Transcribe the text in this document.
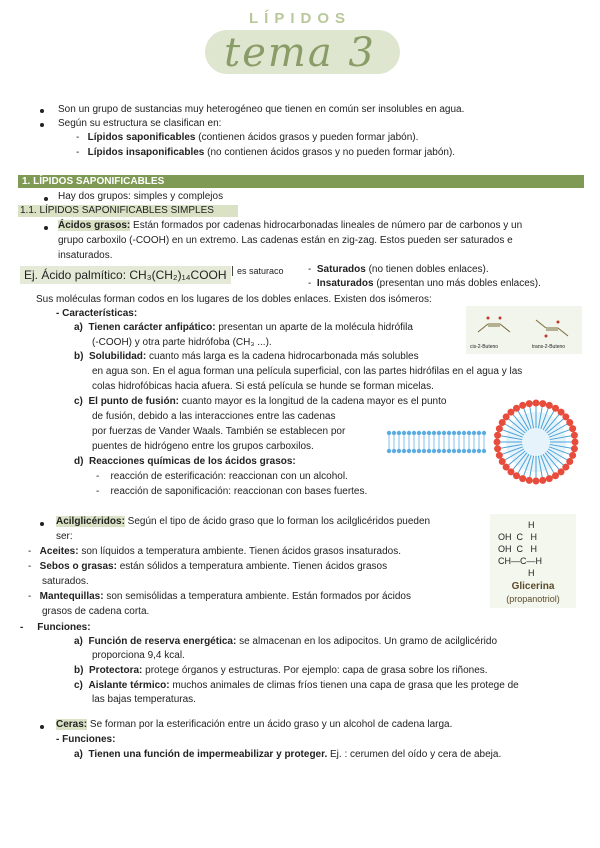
LÍPIDOS
tema 3
Son un grupo de sustancias muy heterogéneo que tienen en común ser insolubles en agua.
Según su estructura se clasifican en:
-   Lípidos saponificables (contienen ácidos grasos y pueden formar jabón).
-   Lípidos insaponificables (no contienen ácidos grasos y no pueden formar jabón).
1. LÍPIDOS SAPONIFICABLES
Hay dos grupos: simples y complejos
1.1. LÍPIDOS SAPONIFICABLES SIMPLES
Ácidos grasos: Están formados por cadenas hidrocarbonadas lineales de número par de carbonos y un
grupo carboxilo (-COOH) en un extremo. Las cadenas están en zig-zag. Estos pueden ser saturados e
insaturados.
Ej. Ácido palmítico: CH₃(CH₂)₁₄COOH	es saturaco -  Saturados (no tienen dobles enlaces).
-  Insaturados (presentan uno más dobles enlaces).
Sus moléculas forman codos en los lugares de los dobles enlaces. Existen dos isómeros:
- Características:
a) Tienen carácter anfipático: presentan un aparte de la molécula hidrófila
(-COOH) y otra parte hidrófoba (CH₃ ...).
b) Solubilidad: cuanto más larga es la cadena hidrocarbonada más solubles
en agua son. En el agua forman una película superficial, con las partes hidrófilas en el agua y las
colas hidrofóbicas hacia afuera. Si está película se hunde se forman micelas.
c) El punto de fusión: cuanto mayor es la longitud de la cadena mayor es el punto
de fusión, debido a las interacciones entre las cadenas
por fuerzas de Vander Waals. También se establecen por
puentes de hidrógeno entre los grupos carboxilos.
d) Reacciones químicas de los ácidos grasos:
-    reacción de esterificación: reaccionan con un alcohol.
-    reacción de saponificación: reaccionan con bases fuertes.
cis-2-Buteno	trans-2-Buteno
Acilglicéridos: Según el tipo de ácido graso que lo forman los acilglicéridos pueden
ser:
-   Aceites: son líquidos a temperatura ambiente. Tienen ácidos grasos insaturados.
-   Sebos o grasas: están sólidos a temperatura ambiente. Tienen ácidos grasos
saturados.
-   Mantequillas: son semisólidas a temperatura ambiente. Están formados por ácidos
grasos de cadena corta.
H
OH  C   H
OH  C   H
CH—C—H
H
Glicerina
(propanotriol)
-     Funciones:
a) Función de reserva energética: se almacenan en los adipocitos. Un gramo de acilglicérido
proporciona 9,4 kcal.
b) Protectora: protege órganos y estructuras. Por ejemplo: capa de grasa sobre los riñones.
c) Aislante térmico: muchos animales de climas fríos tienen una capa de grasa que les protege de
las bajas temperaturas.
Ceras: Se forman por la esterificación entre un ácido graso y un alcohol de cadena larga.
- Funciones:
a) Tienen una función de impermeabilizar y proteger. Ej. : cerumen del oído y cera de abeja.
